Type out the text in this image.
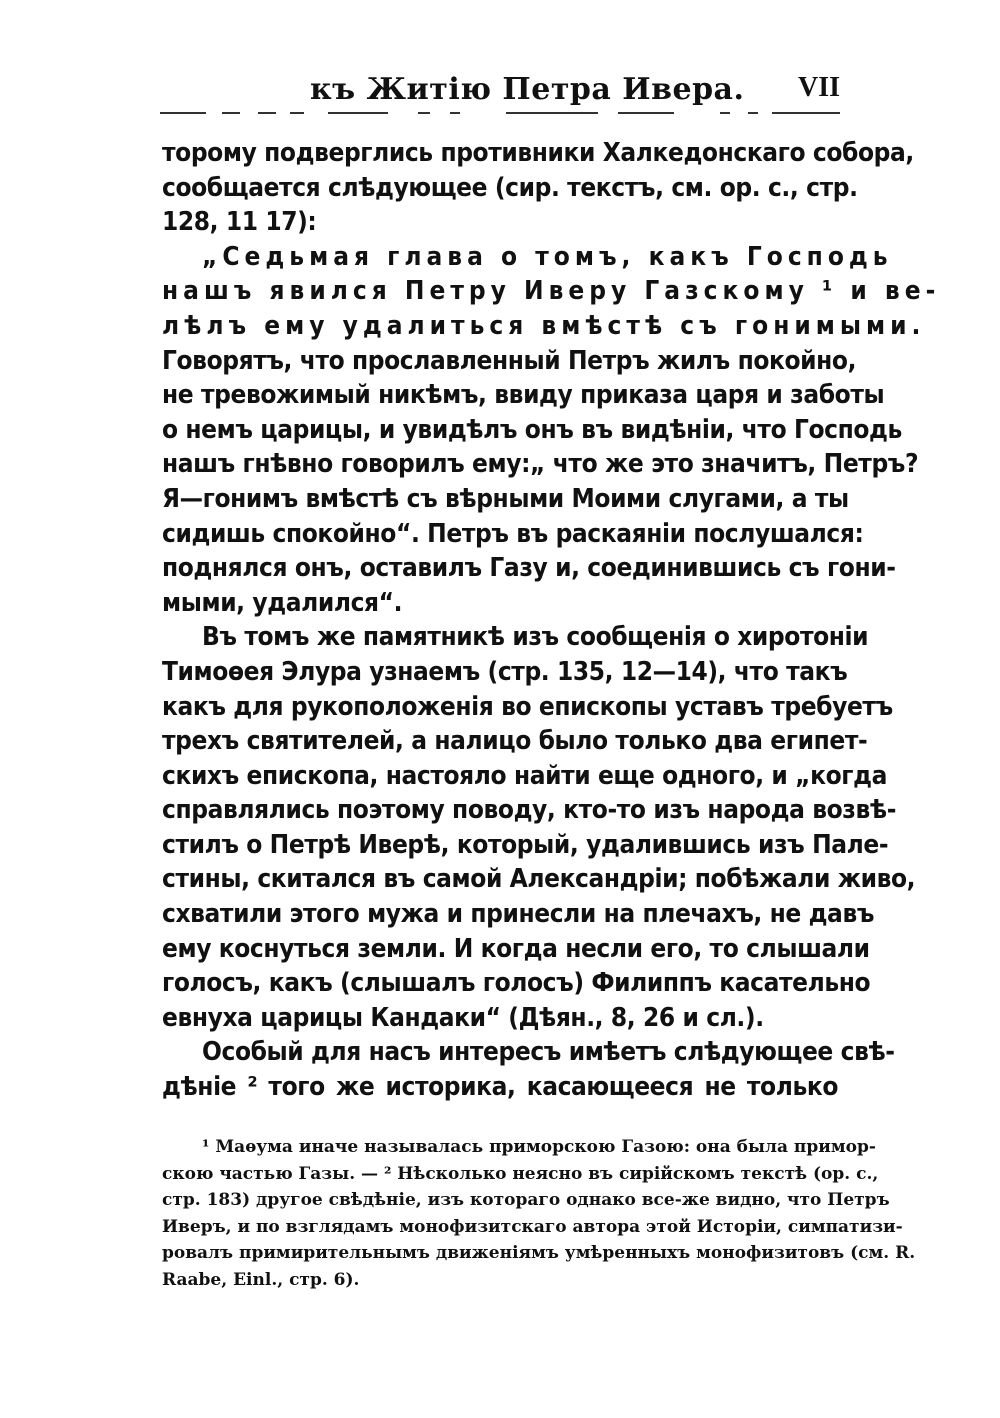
къ Житію Петра Ивера. VII
торому подверглись противники Халкедонскаго собора,
сообщается слѣдующее (сир. текстъ, см. ор. с., стр.
128, 11 17):
„Седьмая глава о томъ, какъ Господь
нашъ явился Петру Иверу Газскому ¹ и ве-
лѣлъ ему удалиться вмѣстѣ съ гонимыми.
Говорятъ, что прославленный Петръ жилъ покойно,
не тревожимый никѣмъ, ввиду приказа царя и заботы
о немъ царицы, и увидѣлъ онъ въ видѣніи, что Господь
нашъ гнѣвно говорилъ ему:„ что же это значитъ, Петръ?
Я—гонимъ вмѣстѣ съ вѣрными Моими слугами, а ты
сидишь спокойно“. Петръ въ раскаяніи послушался:
поднялся онъ, оставилъ Газу и, соединившись съ гони-
мыми, удалился“.
Въ томъ же памятникѣ изъ сообщенія о хиротоніи
Тимоѳея Элура узнаемъ (стр. 135, 12—14), что такъ
какъ для рукоположенія во епископы уставъ требуетъ
трехъ святителей, а налицо было только два египет-
скихъ епископа, настояло найти еще одного, и „когда
справлялись поэтому поводу, кто-то изъ народа возвѣ-
стилъ о Петрѣ Иверѣ, который, удалившись изъ Пале-
стины, скитался въ самой Александріи; побѣжали живо,
схватили этого мужа и принесли на плечахъ, не давъ
ему коснуться земли. И когда несли его, то слышали
голосъ, какъ (слышалъ голосъ) Филиппъ касательно
евнуха царицы Кандаки“ (Дѣян., 8, 26 и сл.).
Особый для насъ интересъ имѣетъ слѣдующее свѣ-
дѣніе ² того же историка, касающееся не только
¹ Маѳума иначе называлась приморскою Газою: она была примор-
скою частью Газы. — ² Нѣсколько неясно въ сирійскомъ текстѣ (ор. с.,
стр. 183) другое свѣдѣніе, изъ котораго однако все-же видно, что Петръ
Иверъ, и по взглядамъ монофизитскаго автора этой Исторіи, симпатизи-
ровалъ примирительнымъ движеніямъ умѣренныхъ монофизитовъ (см. R.
Raabe, Einl., стр. 6).
